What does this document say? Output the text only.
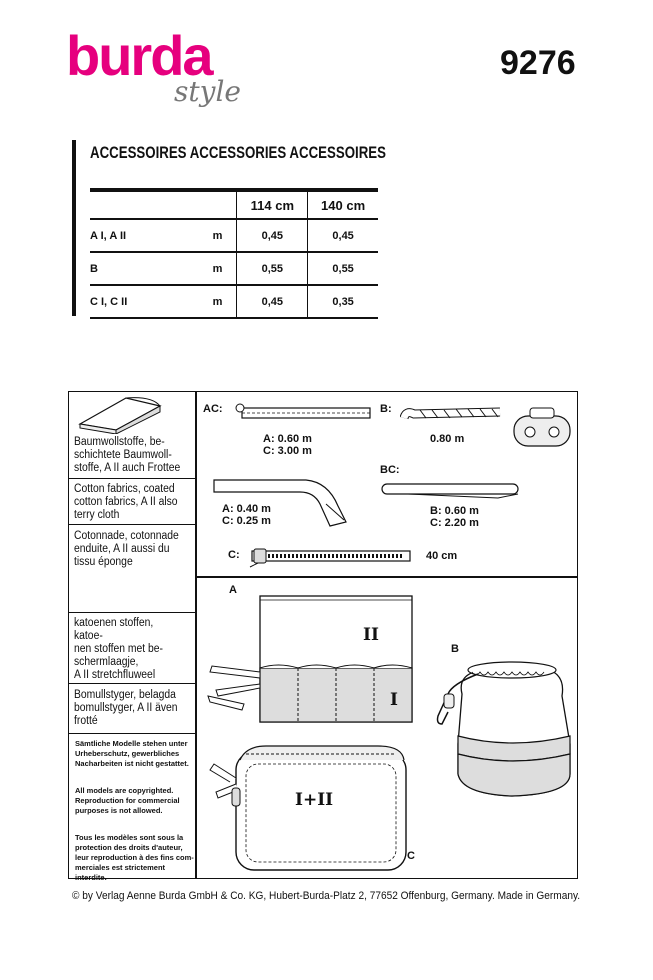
burda
style
9276
ACCESSOIRES ACCESSORIES ACCESSOIRES

		114 cm	140 cm
A I, A II	m	0,45	0,45
B	m	0,55	0,55
C I, C II	m	0,45	0,35
Baumwollstoffe, be-
schichtete Baumwoll-
stoffe, A II auch Frottee
Cotton fabrics, coated
cotton fabrics, A II also
terry cloth
Cotonnade, cotonnade
enduite, A II aussi du
tissu éponge
katoenen stoffen, katoe-
nen stoffen met be-
schermlaagje,
A II stretchfluweel
Bomullstyger, belagda
bomullstyger, A II även
frotté
Sämtliche Modelle stehen unter
Urheberschutz, gewerbliches
Nacharbeiten ist nicht gestattet.
All models are copyrighted.
Reproduction for commercial
purposes is not allowed.
Tous les modèles sont sous la
protection des droits d'auteur,
leur reproduction à des fins com-
merciales est strictement interdite.
AC:
A: 0.60 m
C: 3.00 m
B:
0.80 m
BC:
B: 0.60 m
C: 2.20 m
A: 0.40 m
C: 0.25 m
C:	40 cm
A
II
I
B
I+II
C
© by Verlag Aenne Burda GmbH & Co. KG, Hubert-Burda-Platz 2, 77652 Offenburg, Germany. Made in Germany.
